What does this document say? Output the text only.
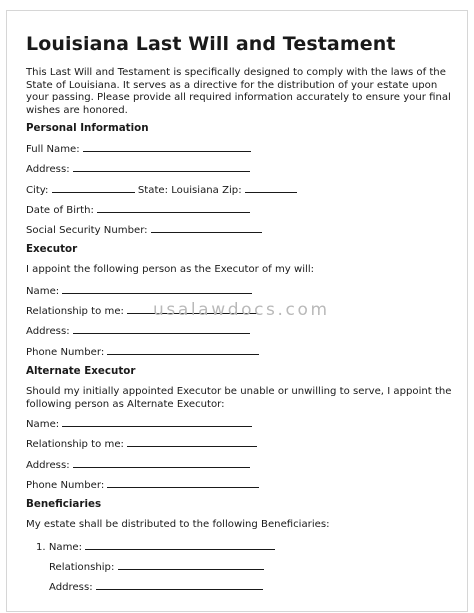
Louisiana Last Will and Testament
This Last Will and Testament is specifically designed to comply with the laws of the State of Louisiana. It serves as a directive for the distribution of your estate upon your passing. Please provide all required information accurately to ensure your final wishes are honored.
Personal Information
Full Name:
Address:
City:	State: Louisiana Zip:
Date of Birth:
Social Security Number:
Executor
I appoint the following person as the Executor of my will:
Name:
Relationship to me:
Address:
Phone Number:
Alternate Executor
Should my initially appointed Executor be unable or unwilling to serve, I appoint the following person as Alternate Executor:
Name:
Relationship to me:
Address:
Phone Number:
Beneficiaries
My estate shall be distributed to the following Beneficiaries:
1. Name:
Relationship:
Address:
usalawdocs.com
